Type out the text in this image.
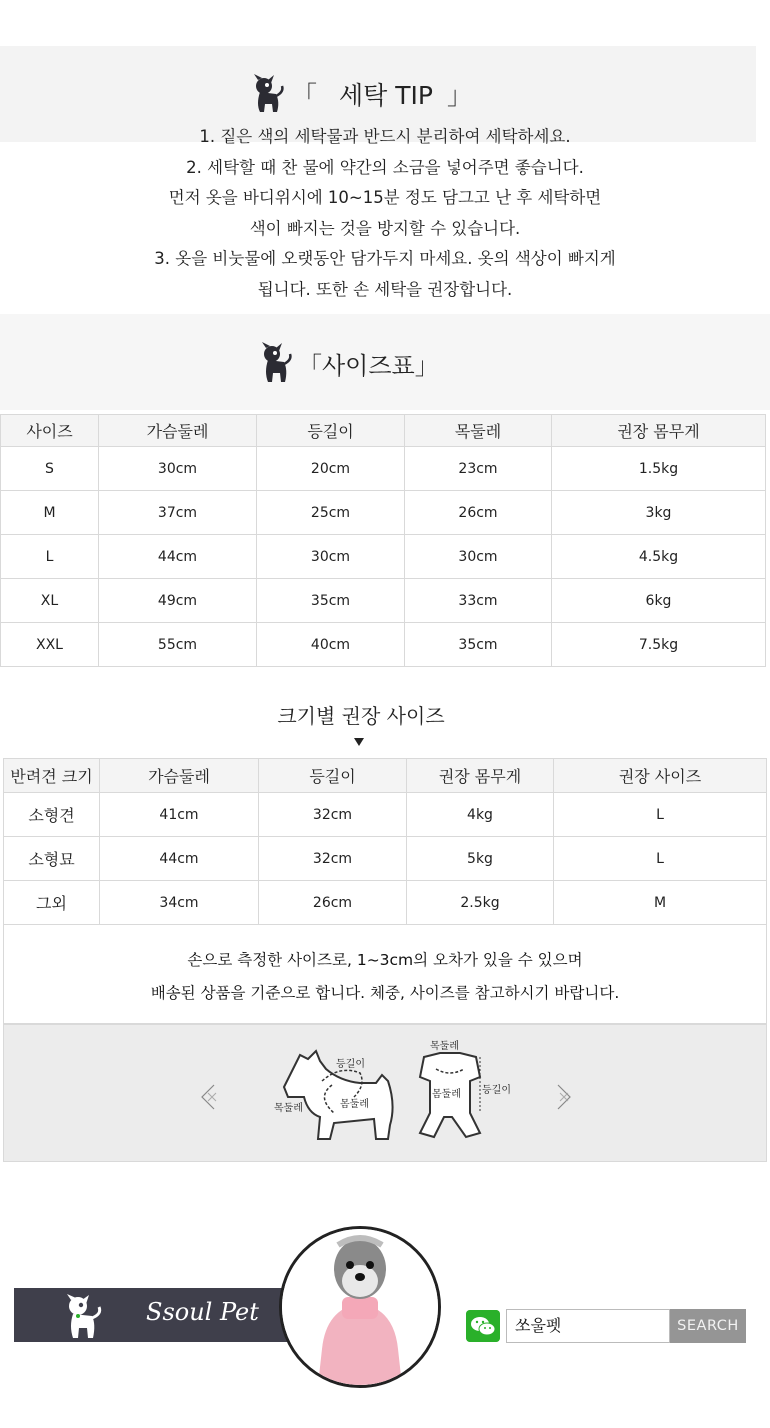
「 세탁 TIP 」
1. 짙은 색의 세탁물과 반드시 분리하여 세탁하세요.
2. 세탁할 때 찬 물에 약간의 소금을 넣어주면 좋습니다.
먼저 옷을 바디위시에 10~15분 정도 담그고 난 후 세탁하면
색이 빠지는 것을 방지할 수 있습니다.
3. 옷을 비눗물에 오랫동안 담가두지 마세요. 옷의 색상이 빠지게
됩니다. 또한 손 세탁을 권장합니다.
「사이즈표」
사이즈	가슴둘레	등길이	목둘레	권장 몸무게
S	30cm	20cm	23cm	1.5kg
M	37cm	25cm	26cm	3kg
L	44cm	30cm	30cm	4.5kg
XL	49cm	35cm	33cm	6kg
XXL	55cm	40cm	35cm	7.5kg
크기별 권장 사이즈
반려견 크기	가슴둘레	등길이	권장 몸무게	권장 사이즈
소형견	41cm	32cm	4kg	L
소형묘	44cm	32cm	5kg	L
그외	34cm	26cm	2.5kg	M
손으로 측정한 사이즈로, 1~3cm의 오차가 있을 수 있으며
배송된 상품을 기준으로 합니다. 체중, 사이즈를 참고하시기 바랍니다.
등길이
목둘레	몸둘레
목둘레
몸둘레 등길이
Ssoul Pet	쏘울펫	SEARCH
